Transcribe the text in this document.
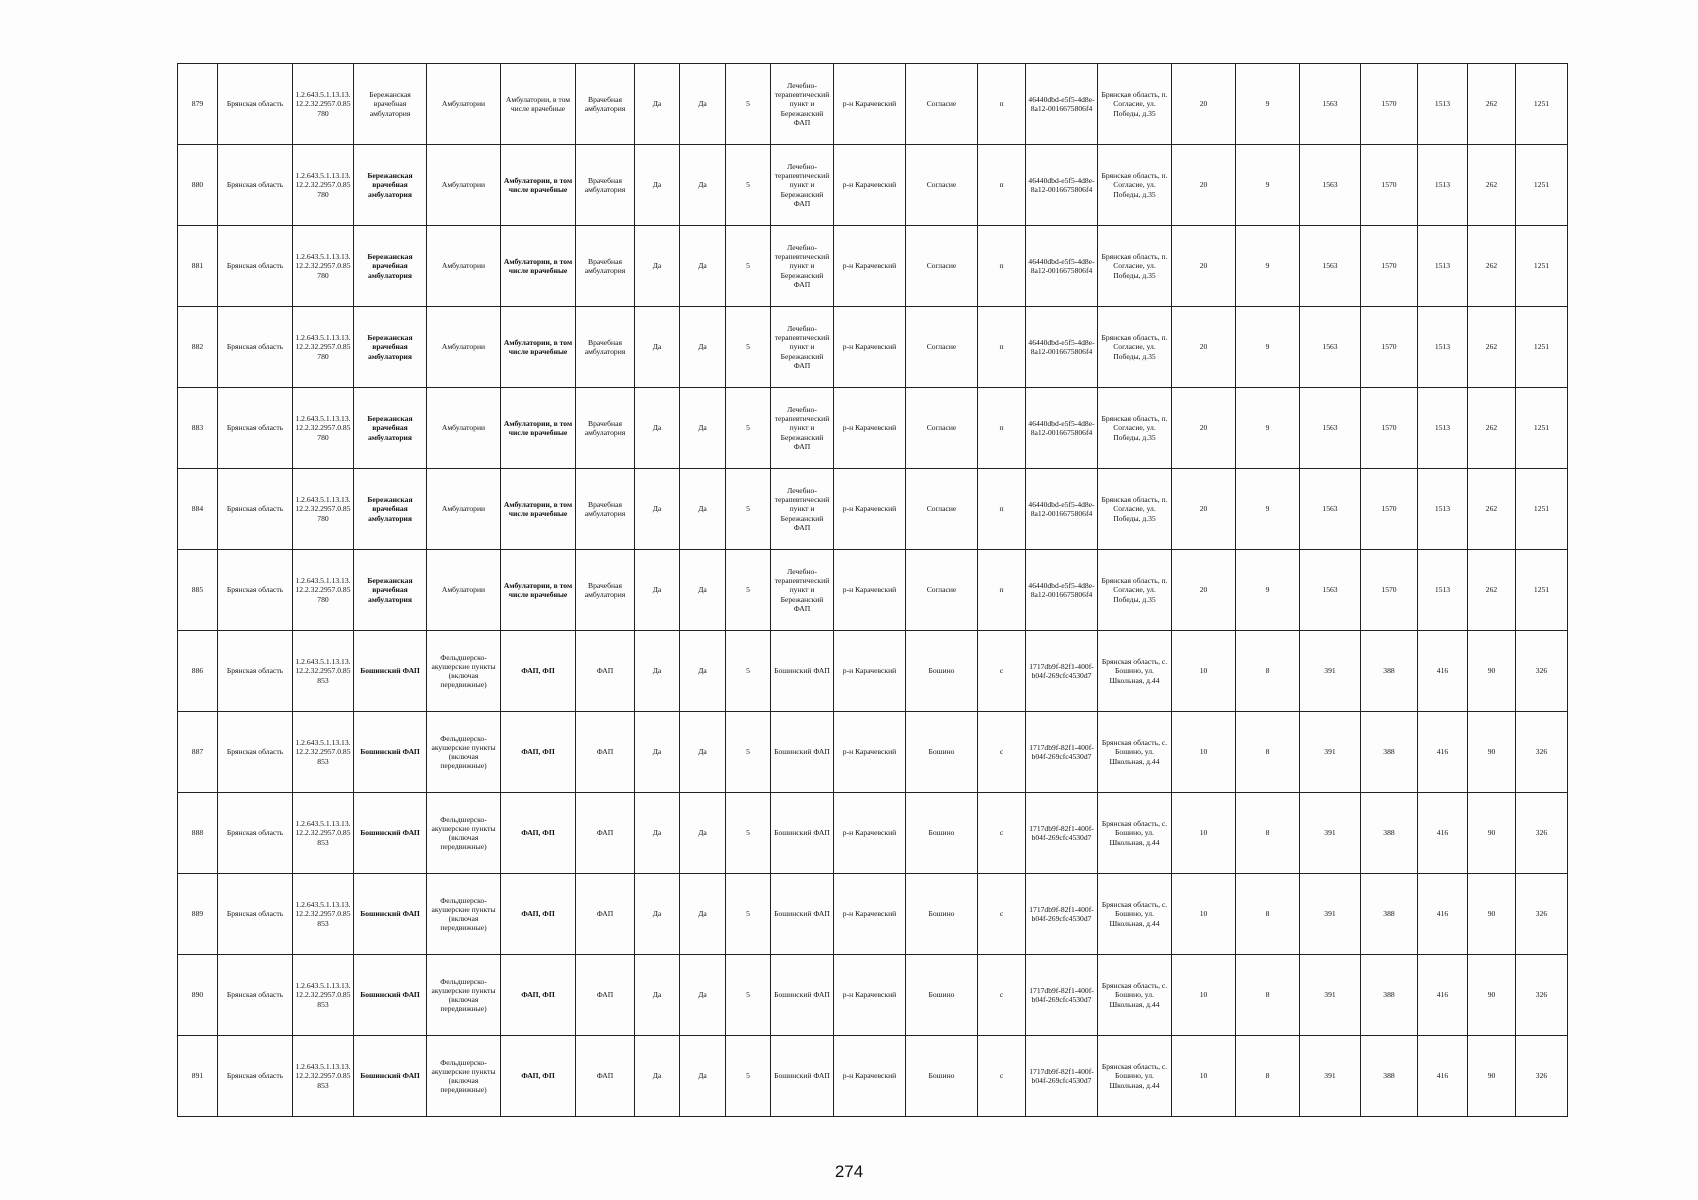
879	Брянская область	1.2.643.5.1.13.13.12.2.32.2957.0.85780	Бережанская врачебная амбулатория	Амбулатории	Амбулатории, в том числе врачебные	Врачебная амбулатория	Да	Да	5	Лечебно-терапевтический пункт и Бережанский ФАП	р-н Карачевский	Согласие	п	46440dbd-e5f5-4d8e-8a12-0016675806f4	Брянская область, п. Согласие, ул. Победы, д.35	20	9	1563	1570	1513	262	1251
880	Брянская область	1.2.643.5.1.13.13.12.2.32.2957.0.85780	Бережанская врачебная амбулатория	Амбулатории	Амбулатории, в том числе врачебные	Врачебная амбулатория	Да	Да	5	Лечебно-терапевтический пункт и Бережанский ФАП	р-н Карачевский	Согласие	п	46440dbd-e5f5-4d8e-8a12-0016675806f4	Брянская область, п. Согласие, ул. Победы, д.35	20	9	1563	1570	1513	262	1251
881	Брянская область	1.2.643.5.1.13.13.12.2.32.2957.0.85780	Бережанская врачебная амбулатория	Амбулатории	Амбулатории, в том числе врачебные	Врачебная амбулатория	Да	Да	5	Лечебно-терапевтический пункт и Бережанский ФАП	р-н Карачевский	Согласие	п	46440dbd-e5f5-4d8e-8a12-0016675806f4	Брянская область, п. Согласие, ул. Победы, д.35	20	9	1563	1570	1513	262	1251
882	Брянская область	1.2.643.5.1.13.13.12.2.32.2957.0.85780	Бережанская врачебная амбулатория	Амбулатории	Амбулатории, в том числе врачебные	Врачебная амбулатория	Да	Да	5	Лечебно-терапевтический пункт и Бережанский ФАП	р-н Карачевский	Согласие	п	46440dbd-e5f5-4d8e-8a12-0016675806f4	Брянская область, п. Согласие, ул. Победы, д.35	20	9	1563	1570	1513	262	1251
883	Брянская область	1.2.643.5.1.13.13.12.2.32.2957.0.85780	Бережанская врачебная амбулатория	Амбулатории	Амбулатории, в том числе врачебные	Врачебная амбулатория	Да	Да	5	Лечебно-терапевтический пункт и Бережанский ФАП	р-н Карачевский	Согласие	п	46440dbd-e5f5-4d8e-8a12-0016675806f4	Брянская область, п. Согласие, ул. Победы, д.35	20	9	1563	1570	1513	262	1251
884	Брянская область	1.2.643.5.1.13.13.12.2.32.2957.0.85780	Бережанская врачебная амбулатория	Амбулатории	Амбулатории, в том числе врачебные	Врачебная амбулатория	Да	Да	5	Лечебно-терапевтический пункт и Бережанский ФАП	р-н Карачевский	Согласие	п	46440dbd-e5f5-4d8e-8a12-0016675806f4	Брянская область, п. Согласие, ул. Победы, д.35	20	9	1563	1570	1513	262	1251
885	Брянская область	1.2.643.5.1.13.13.12.2.32.2957.0.85780	Бережанская врачебная амбулатория	Амбулатории	Амбулатории, в том числе врачебные	Врачебная амбулатория	Да	Да	5	Лечебно-терапевтический пункт и Бережанский ФАП	р-н Карачевский	Согласие	п	46440dbd-e5f5-4d8e-8a12-0016675806f4	Брянская область, п. Согласие, ул. Победы, д.35	20	9	1563	1570	1513	262	1251
886	Брянская область	1.2.643.5.1.13.13.12.2.32.2957.0.85853	Бошинский ФАП	Фельдшерско-акушерские пункты (включая передвижные)	ФАП, ФП	ФАП	Да	Да	5	Бошинский ФАП	р-н Карачевский	Бошино	с	1717db9f-82f1-400f-b04f-269cfc4530d7	Брянская область, с. Бошино, ул. Школьная, д.44	10	8	391	388	416	90	326
887	Брянская область	1.2.643.5.1.13.13.12.2.32.2957.0.85853	Бошинский ФАП	Фельдшерско-акушерские пункты (включая передвижные)	ФАП, ФП	ФАП	Да	Да	5	Бошинский ФАП	р-н Карачевский	Бошино	с	1717db9f-82f1-400f-b04f-269cfc4530d7	Брянская область, с. Бошино, ул. Школьная, д.44	10	8	391	388	416	90	326
888	Брянская область	1.2.643.5.1.13.13.12.2.32.2957.0.85853	Бошинский ФАП	Фельдшерско-акушерские пункты (включая передвижные)	ФАП, ФП	ФАП	Да	Да	5	Бошинский ФАП	р-н Карачевский	Бошино	с	1717db9f-82f1-400f-b04f-269cfc4530d7	Брянская область, с. Бошино, ул. Школьная, д.44	10	8	391	388	416	90	326
889	Брянская область	1.2.643.5.1.13.13.12.2.32.2957.0.85853	Бошинский ФАП	Фельдшерско-акушерские пункты (включая передвижные)	ФАП, ФП	ФАП	Да	Да	5	Бошинский ФАП	р-н Карачевский	Бошино	с	1717db9f-82f1-400f-b04f-269cfc4530d7	Брянская область, с. Бошино, ул. Школьная, д.44	10	8	391	388	416	90	326
890	Брянская область	1.2.643.5.1.13.13.12.2.32.2957.0.85853	Бошинский ФАП	Фельдшерско-акушерские пункты (включая передвижные)	ФАП, ФП	ФАП	Да	Да	5	Бошинский ФАП	р-н Карачевский	Бошино	с	1717db9f-82f1-400f-b04f-269cfc4530d7	Брянская область, с. Бошино, ул. Школьная, д.44	10	8	391	388	416	90	326
891	Брянская область	1.2.643.5.1.13.13.12.2.32.2957.0.85853	Бошинский ФАП	Фельдшерско-акушерские пункты (включая передвижные)	ФАП, ФП	ФАП	Да	Да	5	Бошинский ФАП	р-н Карачевский	Бошино	с	1717db9f-82f1-400f-b04f-269cfc4530d7	Брянская область, с. Бошино, ул. Школьная, д.44	10	8	391	388	416	90	326
274
